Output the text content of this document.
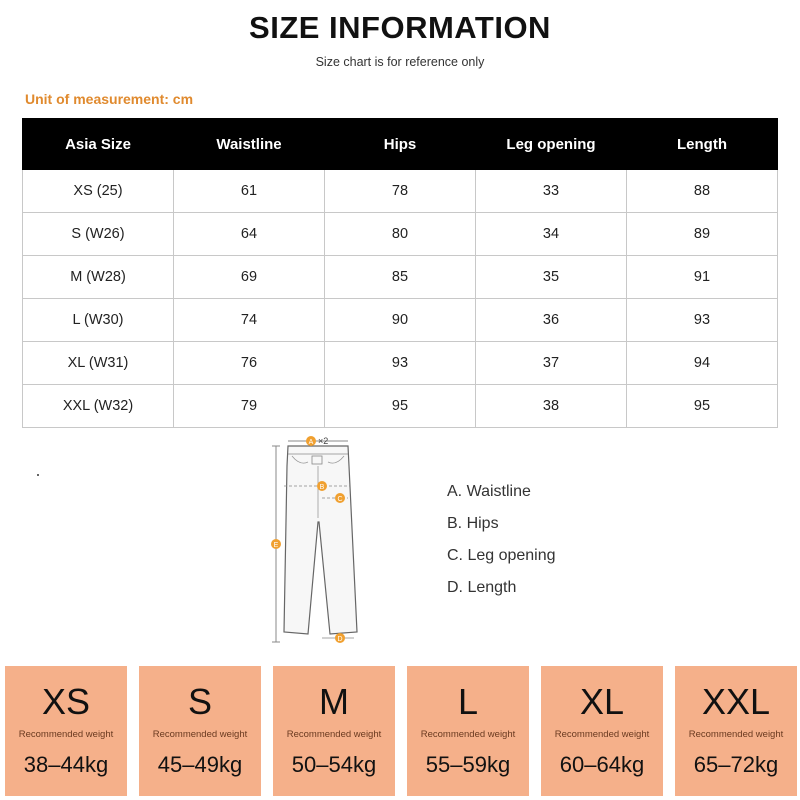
SIZE INFORMATION
Size chart is for reference only
Unit of measurement: cm
Asia Size	Waistline	Hips	Leg opening	Length
XS (25)	61	78	33	88
S (W26)	64	80	34	89
M (W28)	69	85	35	91
L (W30)	74	90	36	93
XL (W31)	76	93	37	94
XXL (W32)	79	95	38	95
A ×2
B
C
E
D
A. Waistline
B. Hips
C. Leg opening
D. Length
XS
Recommended weight
38–44kg
S
Recommended weight
45–49kg
M
Recommended weight
50–54kg
L
Recommended weight
55–59kg
XL
Recommended weight
60–64kg
XXL
Recommended weight
65–72kg
